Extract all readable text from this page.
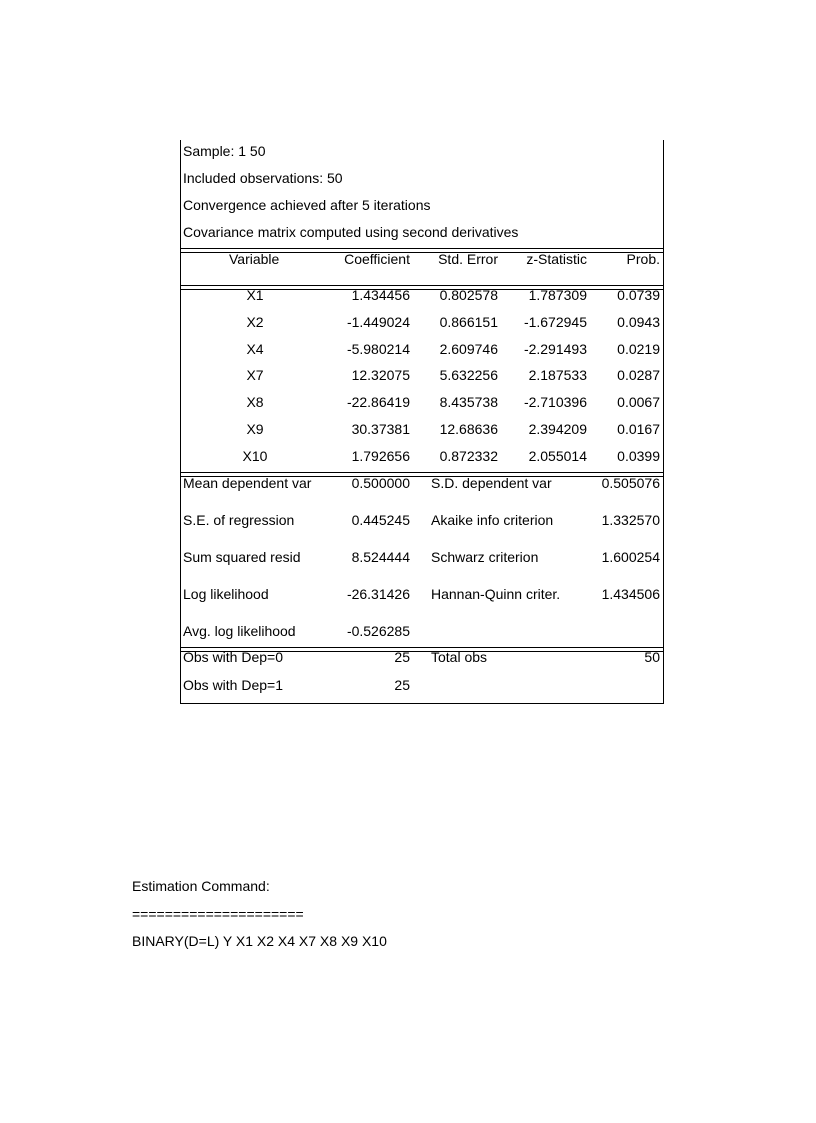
Sample: 1 50
Included observations: 50
Convergence achieved after 5 iterations
Covariance matrix computed using second derivatives
Variable	Coefficient Std. Error z-Statistic	Prob.
X1	1.434456 0.802578 1.787309 0.0739
X2	-1.449024 0.866151 -1.672945 0.0943
X4	-5.980214 2.609746 -2.291493 0.0219
X7	12.32075 5.632256 2.187533 0.0287
X8	-22.86419 8.435738 -2.710396 0.0067
X9	30.37381 12.68636 2.394209 0.0167
X10	1.792656 0.872332 2.055014 0.0399
Mean dependent var	0.500000 S.D. dependent var	0.505076
S.E. of regression	0.445245 Akaike info criterion	1.332570
Sum squared resid	8.524444 Schwarz criterion	1.600254
Log likelihood	-26.31426 Hannan-Quinn criter.	1.434506
Avg. log likelihood	-0.526285
Obs with Dep=0	25 Total obs	50
Obs with Dep=1	25
Estimation Command:
=====================
BINARY(D=L) Y X1 X2 X4 X7 X8 X9 X10
